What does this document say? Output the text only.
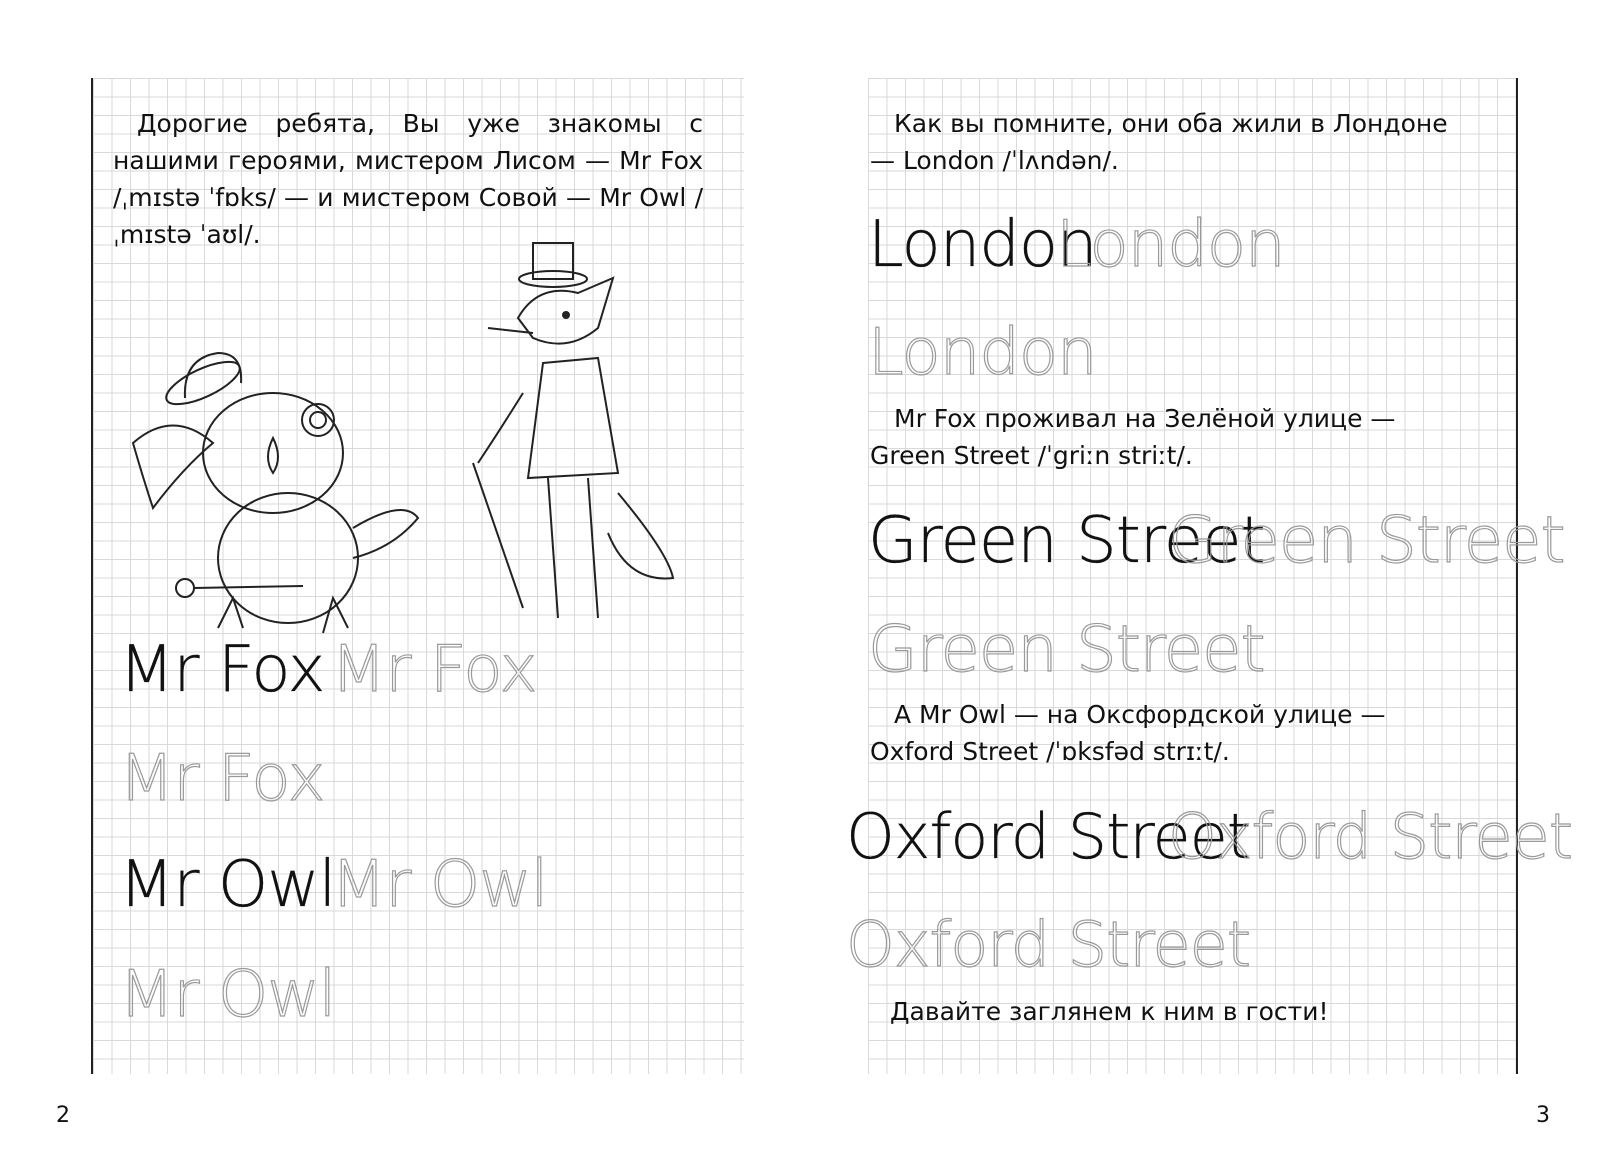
Дорогие ребята, Вы уже знакомы с нашими героями, мистером Лисом — Mr Fox /ˌmɪstə ˈfɒks/ — и мистером Совой — Mr Owl /ˌmɪstə ˈaʊl/.

Mr Fox Mr Fox
Mr Fox
Mr Owl
Mr Owl
Mr Owl

Как вы помните, они оба жили в Лондоне — London /ˈlʌndən/.

London
London
London

Mr Fox проживал на Зелёной улице — Green Street /ˈgriːn striːt/.

Green Street
Green Street
Green Street

А Mr Owl — на Оксфордской улице — Oxford Street /ˈɒksfəd strɪːt/.

Oxford Street
Oxford Street
Oxford Street

Давайте заглянем к ним в гости!

2	3
